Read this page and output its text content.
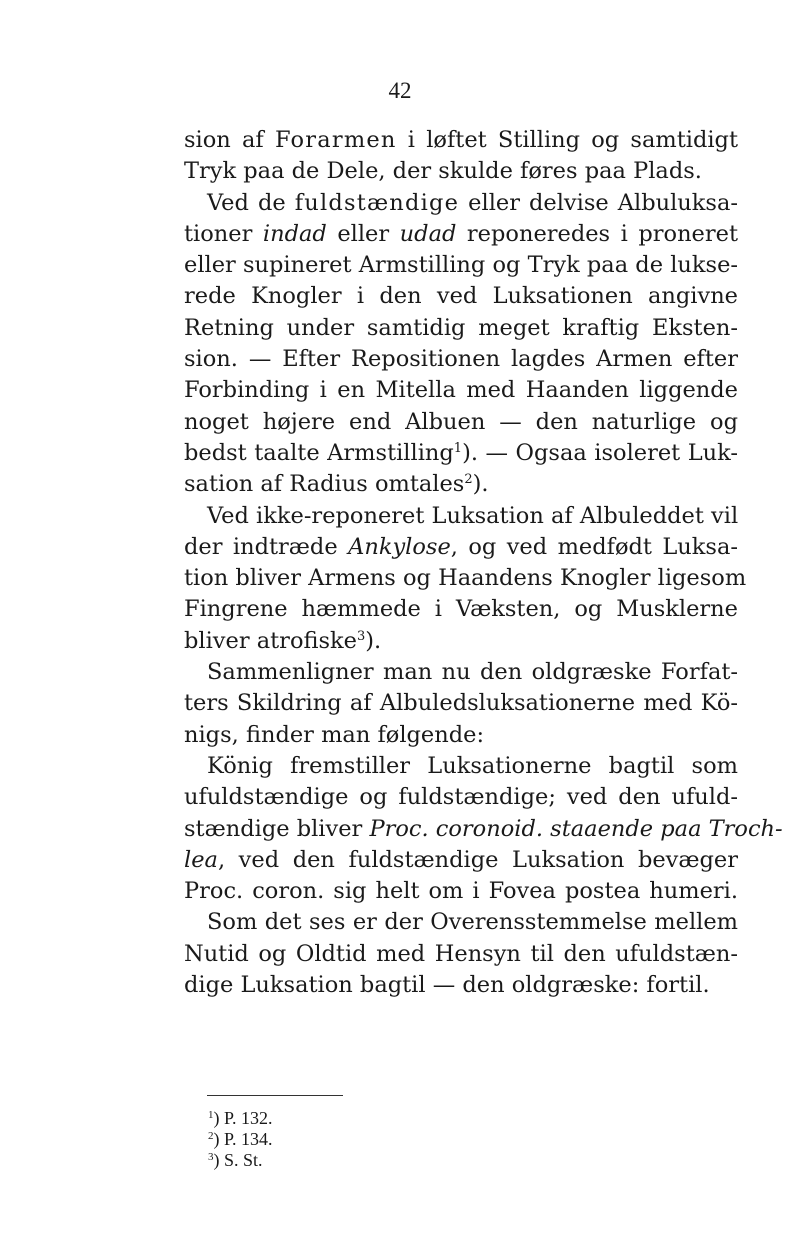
42
sion af Forarmen i løftet Stilling og samtidigt
Tryk paa de Dele, der skulde føres paa Plads.
Ved de fuldstændige eller delvise Albuluksa-
tioner indad eller udad reponeredes i proneret
eller supineret Armstilling og Tryk paa de lukse-
rede Knogler i den ved Luksationen angivne
Retning under samtidig meget kraftig Eksten-
sion. — Efter Repositionen lagdes Armen efter
Forbinding i en Mitella med Haanden liggende
noget højere end Albuen — den naturlige og
bedst taalte Armstilling$^1$). — Ogsaa isoleret Luk-
sation af Radius omtales$^2$).
Ved ikke-reponeret Luksation af Albuleddet vil
der indtræde Ankylose, og ved medfødt Luksa-
tion bliver Armens og Haandens Knogler ligesom
Fingrene hæmmede i Væksten, og Musklerne
bliver atrofiske$^3$).
Sammenligner man nu den oldgræske Forfat-
ters Skildring af Albuledsluksationerne med Kö-
nigs, finder man følgende:
König fremstiller Luksationerne bagtil som
ufuldstændige og fuldstændige; ved den ufuld-
stændige bliver Proc. coronoid. staaende paa Troch-
lea, ved den fuldstændige Luksation bevæger
Proc. coron. sig helt om i Fovea postea humeri.
Som det ses er der Overensstemmelse mellem
Nutid og Oldtid med Hensyn til den ufuldstæn-
dige Luksation bagtil — den oldgræske: fortil.
$^1$) P. 132.
$^2$) P. 134.
$^3$) S. St.
